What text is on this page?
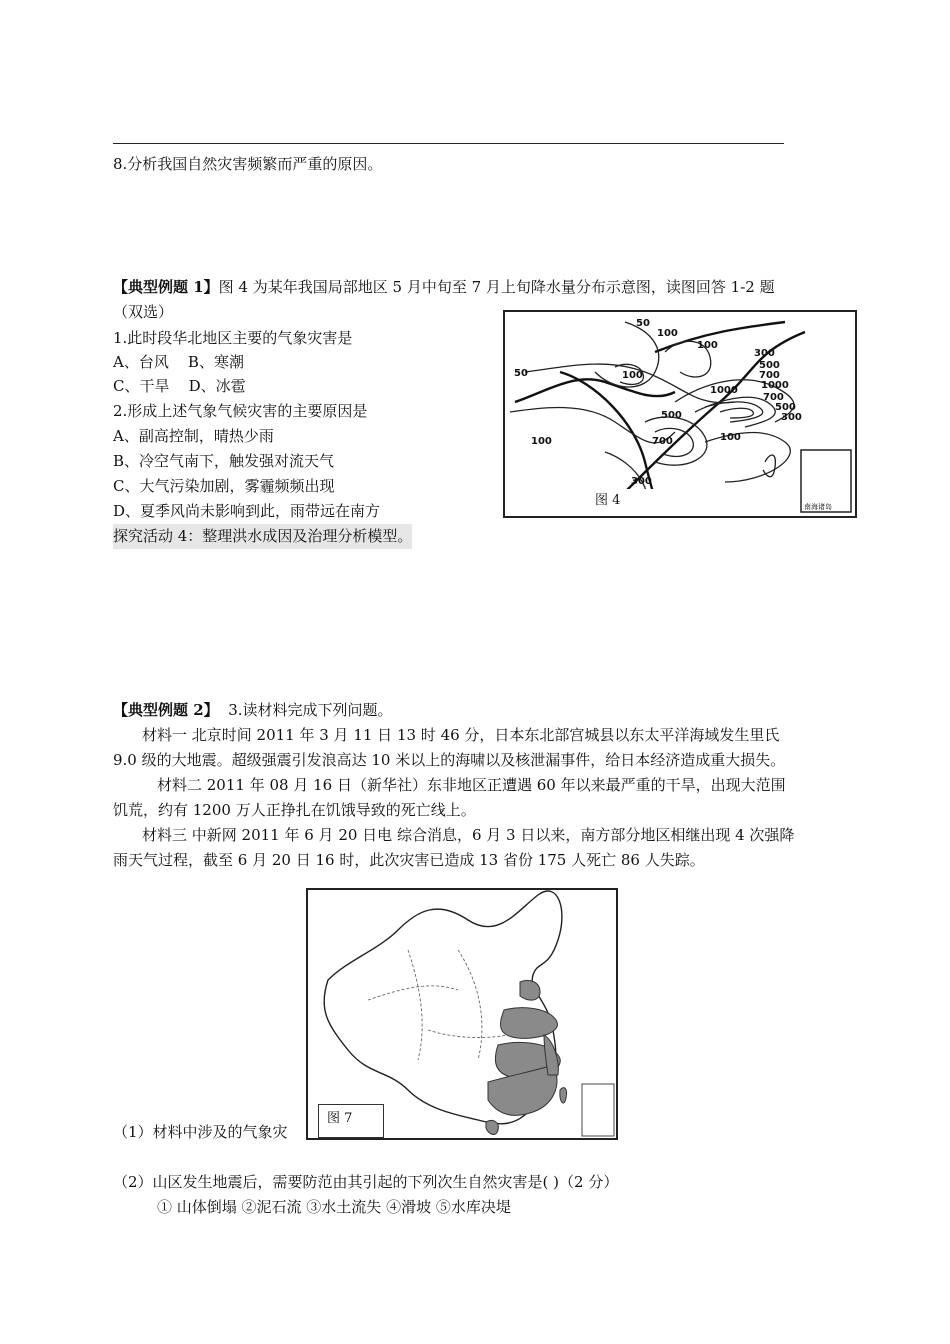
8.分析我国自然灾害频繁而严重的原因。
【典型例题 1】图 4 为某年我国局部地区 5 月中旬至 7 月上旬降水量分布示意图，读图回答 1-2 题
（双选）
1.此时段华北地区主要的气象灾害是
A、台风 B、寒潮
C、干旱 D、冰雹
2.形成上述气象气候灾害的主要原因是
A、副高控制，晴热少雨
B、冷空气南下，触发强对流天气
C、大气污染加剧，雾霾频频出现
D、夏季风尚未影响到此，雨带远在南方
探究活动 4：整理洪水成因及治理分析模型。
50
100
100
50	100
300
500
700
1000
1000
700
500
300
500
700	100
100
300
南海诸岛
图 4
【典型例题 2】 3.读材料完成下列问题。
材料一 北京时间 2011 年 3 月 11 日 13 时 46 分，日本东北部宫城县以东太平洋海域发生里氏
9.0 级的大地震。超级强震引发浪高达 10 米以上的海啸以及核泄漏事件，给日本经济造成重大损失。
材料二 2011 年 08 月 16 日（新华社）东非地区正遭遇 60 年以来最严重的干旱，出现大范围
饥荒，约有 1200 万人正挣扎在饥饿导致的死亡线上。
材料三 中新网 2011 年 6 月 20 日电 综合消息，6 月 3 日以来，南方部分地区相继出现 4 次强降
雨天气过程，截至 6 月 20 日 16 时，此次灾害已造成 13 省份 175 人死亡 86 人失踪。
图 7
（1）材料中涉及的气象灾
（2）山区发生地震后，需要防范由其引起的下列次生自然灾害是( )（2 分）
① 山体倒塌 ②泥石流 ③水土流失 ④滑坡 ⑤水库决堤
